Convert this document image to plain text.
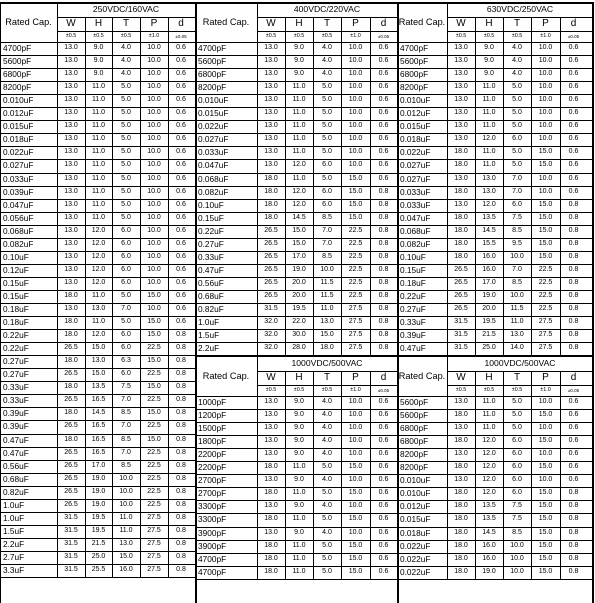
Rated Cap.
250VDC/160VAC
W
±0.5
H
±0.5
T
±0.5
P
±1.0
d
±0.05
Rated Cap.
400VDC/220VAC
W
±0.5
H
±0.5
T
±0.5
P
±1.0
d
±0.05
Rated Cap.
630VDC/250VAC
W
±0.5
H
±0.5
T
±0.5
P
±1.0
d
±0.05
4700pF	13.0	9.0	4.0	10.0	0.6
5600pF	13.0	9.0	4.0	10.0	0.6
6800pF	13.0	9.0	4.0	10.0	0.6
8200pF	13.0	11.0	5.0	10.0	0.6
0.010uF	13.0	11.0	5.0	10.0	0.6
0.012uF	13.0	11.0	5.0	10.0	0.6
0.015uF	13.0	11.0	5.0	10.0	0.6
0.018uF	13.0	11.0	5.0	10.0	0.6
0.022uF	13.0	11.0	5.0	10.0	0.6
0.027uF	13.0	11.0	5.0	10.0	0.6
0.033uF	13.0	11.0	5.0	10.0	0.6
0.039uF	13.0	11.0	5.0	10.0	0.6
0.047uF	13.0	11.0	5.0	10.0	0.6
0.056uF	13.0	11.0	5.0	10.0	0.6
0.068uF	13.0	12.0	6.0	10.0	0.6
0.082uF	13.0	12.0	6.0	10.0	0.6
0.10uF	13.0	12.0	6.0	10.0	0.6
0.12uF	13.0	12.0	6.0	10.0	0.6
0.15uF	13.0	12.0	6.0	10.0	0.6
0.15uF	18.0	11.0	5.0	15.0	0.6
0.18uF	13.0	13.0	7.0	10.0	0.6
0.18uF	18.0	11.0	5.0	15.0	0.6
0.22uF	18.0	12.0	6.0	15.0	0.8
0.22uF	26.5	15.0	6.0	22.5	0.8
0.27uF	18.0	13.0	6.3	15.0	0.8
0.27uF	26.5	15.0	6.0	22.5	0.8
0.33uF	18.0	13.5	7.5	15.0	0.8
0.33uF	26.5	16.5	7.0	22.5	0.8
0.39uF	18.0	14.5	8.5	15.0	0.8
0.39uF	26.5	16.5	7.0	22.5	0.8
0.47uF	18.0	16.5	8.5	15.0	0.8
0.47uF	26.5	16.5	7.0	22.5	0.8
0.56uF	26.5	17.0	8.5	22.5	0.8
0.68uF	26.5	19.0	10.0	22.5	0.8
0.82uF	26.5	19.0	10.0	22.5	0.8
1.0uF	26.5	19.0	10.0	22.5	0.8
1.0uF	31.5	19.5	11.0	27.5	0.8
1.5uF	31.5	19.5	11.0	27.5	0.8
2.2uF	31.5	21.5	13.0	27.5	0.8
2.7uF	31.5	25.0	15.0	27.5	0.8
3.3uF	31.5	25.5	16.0	27.5	0.8
4700pF	13.0	9.0	4.0	10.0	0.6
5600pF	13.0	9.0	4.0	10.0	0.6
6800pF	13.0	9.0	4.0	10.0	0.6
8200pF	13.0	11.0	5.0	10.0	0.6
0.010uF	13.0	11.0	5.0	10.0	0.6
0.015uF	13.0	11.0	5.0	10.0	0.6
0.022uF	13.0	11.0	5.0	10.0	0.6
0.027uF	13.0	11.0	5.0	10.0	0.6
0.033uF	13.0	11.0	5.0	10.0	0.6
0.047uF	13.0	12.0	6.0	10.0	0.6
0.068uF	18.0	11.0	5.0	15.0	0.6
0.082uF	18.0	12.0	6.0	15.0	0.8
0.10uF	18.0	12.0	6.0	15.0	0.8
0.15uF	18.0	14.5	8.5	15.0	0.8
0.22uF	26.5	15.0	7.0	22.5	0.8
0.27uF	26.5	15.0	7.0	22.5	0.8
0.33uF	26.5	17.0	8.5	22.5	0.8
0.47uF	26.5	19.0	10.0	22.5	0.8
0.56uF	26.5	20.0	11.5	22.5	0.8
0.68uF	26.5	20.0	11.5	22.5	0.8
0.82uF	31.5	19.5	11.0	27.5	0.8
1.0uF	32.0	22.0	13.0	27.5	0.8
1.5uF	32.0	30.0	15.0	27.5	0.8
2.2uF	32.0	28.0	18.0	27.5	0.8
4700pF	13.0	9.0	4.0	10.0	0.6
5600pF	13.0	9.0	4.0	10.0	0.6
6800pF	13.0	9.0	4.0	10.0	0.6
8200pF	13.0	11.0	5.0	10.0	0.6
0.010uF	13.0	11.0	5.0	10.0	0.6
0.012uF	13.0	11.0	5.0	10.0	0.6
0.015uF	13.0	11.0	5.0	10.0	0.6
0.018uF	13.0	12.0	6.0	10.0	0.6
0.022uF	18.0	11.0	5.0	15.0	0.6
0.027uF	18.0	11.0	5.0	15.0	0.6
0.027uF	13.0	13.0	7.0	10.0	0.6
0.033uF	18.0	13.0	7.0	10.0	0.6
0.033uF	13.0	12.0	6.0	15.0	0.8
0.047uF	18.0	13.5	7.5	15.0	0.8
0.068uF	18.0	14.5	8.5	15.0	0.8
0.082uF	18.0	15.5	9.5	15.0	0.8
0.10uF	18.0	16.0	10.0	15.0	0.8
0.15uF	26.5	16.0	7.0	22.5	0.8
0.18uF	26.5	17.0	8.5	22.5	0.8
0.22uF	26.5	19.0	10.0	22.5	0.8
0.27uF	26.5	20.0	11.5	22.5	0.8
0.33uF	31.5	19.5	11.0	27.5	0.8
0.39uF	31.5	21.5	13.0	27.5	0.8
0.47uF	31.5	25.0	14.0	27.5	0.8
Rated Cap.
1000VDC/500VAC
W
±0.5
H
±0.5
T
±0.5
P
±1.0
d
±0.05
Rated Cap.
1000VDC/500VAC
W
±0.5
H
±0.5
T
±0.5
P
±1.0
d
±0.05
1000pF	13.0	9.0	4.0	10.0	0.6
1200pF	13.0	9.0	4.0	10.0	0.6
1500pF	13.0	9.0	4.0	10.0	0.6
1800pF	13.0	9.0	4.0	10.0	0.6
2200pF	13.0	9.0	4.0	10.0	0.6
2200pF	18.0	11.0	5.0	15.0	0.6
2700pF	13.0	9.0	4.0	10.0	0.6
2700pF	18.0	11.0	5.0	15.0	0.6
3300pF	13.0	9.0	4.0	10.0	0.6
3300pF	18.0	11.0	5.0	15.0	0.6
3900pF	13.0	9.0	4.0	10.0	0.6
3900pF	18.0	11.0	5.0	15.0	0.6
4700pF	18.0	11.0	5.0	15.0	0.6
4700pF	18.0	11.0	5.0	15.0	0.6
5600pF	13.0	11.0	5.0	10.0	0.6
5600pF	18.0	11.0	5.0	15.0	0.6
6800pF	13.0	11.0	5.0	10.0	0.6
6800pF	18.0	12.0	6.0	15.0	0.6
8200pF	13.0	12.0	6.0	10.0	0.6
8200pF	18.0	12.0	6.0	15.0	0.6
0.010uF	13.0	12.0	6.0	10.0	0.6
0.010uF	18.0	12.0	6.0	15.0	0.8
0.012uF	18.0	13.5	7.5	15.0	0.8
0.015uF	18.0	13.5	7.5	15.0	0.8
0.018uF	18.0	14.5	8.5	15.0	0.8
0.022uF	18.0	16.0	10.0	15.0	0.8
0.022uF	18.0	16.0	10.0	15.0	0.8
0.022uF	18.0	19.0	10.0	15.0	0.8
